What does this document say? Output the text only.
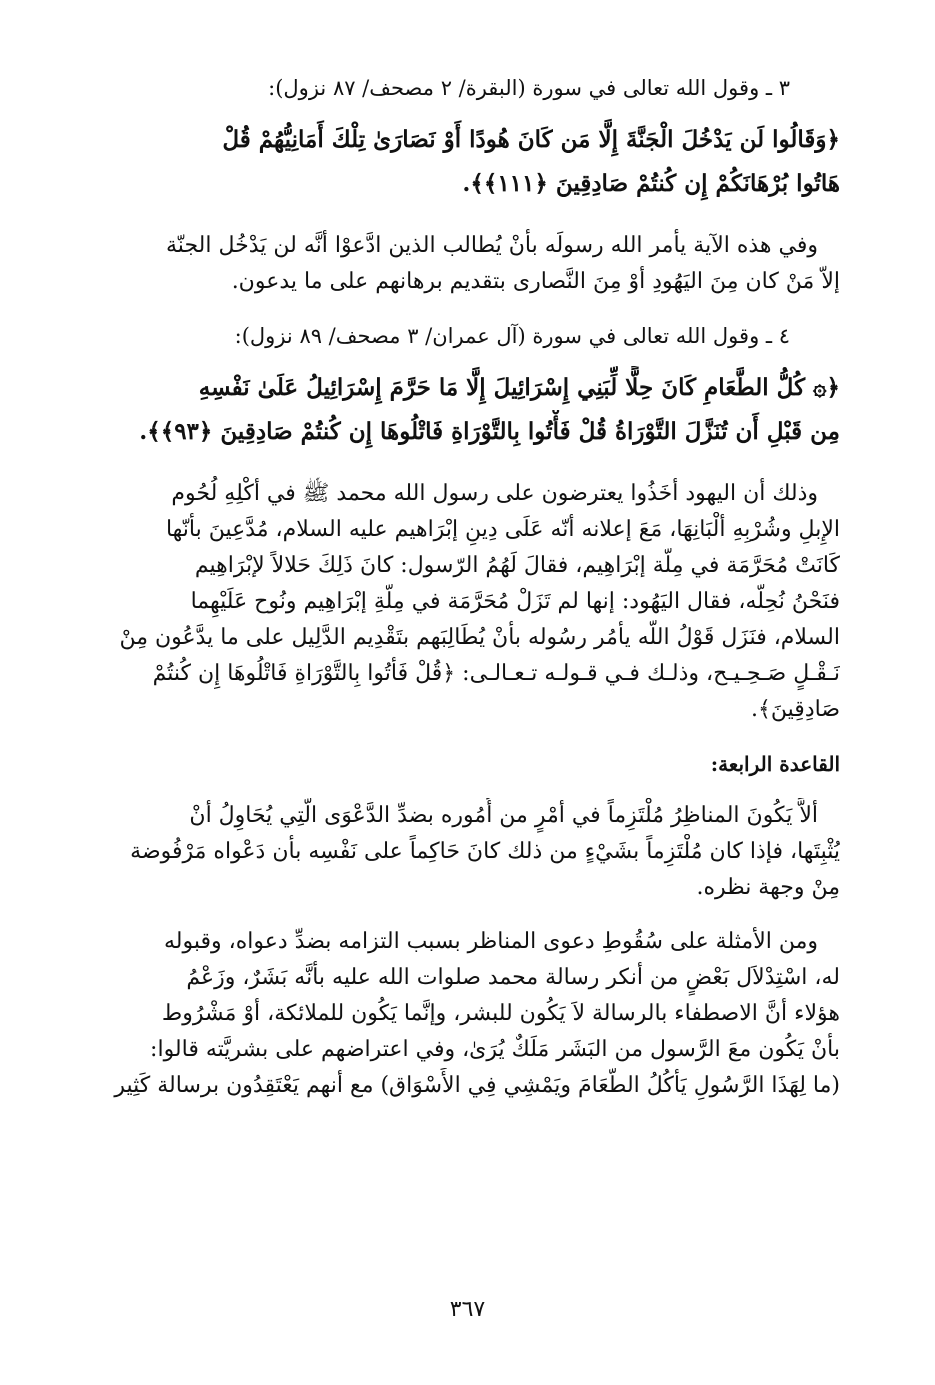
٣ ـ وقول الله تعالى في سورة (البقرة/ ٢ مصحف/ ٨٧ نزول):
﴿وَقَالُوا لَن يَدْخُلَ الْجَنَّةَ إِلَّا مَن كَانَ هُودًا أَوْ نَصَارَىٰ تِلْكَ أَمَانِيُّهُمْ قُلْ
هَاتُوا بُرْهَانَكُمْ إِن كُنتُمْ صَادِقِينَ ﴿١١١﴾﴾.
وفي هذه الآية يأمر الله رسولَه بأنْ يُطالب الذين ادَّعوْا أنَّه لن يَدْخُل الجنّة
إلاّ مَنْ كان مِنَ اليَهُودِ أوْ مِنَ النَّصارى بتقديم برهانهم على ما يدعون.
٤ ـ وقول الله تعالى في سورة (آل عمران/ ٣ مصحف/ ٨٩ نزول):
﴿۞ كُلُّ الطَّعَامِ كَانَ حِلًّا لِّبَنِي إِسْرَائِيلَ إِلَّا مَا حَرَّمَ إِسْرَائِيلُ عَلَىٰ نَفْسِهِ
مِن قَبْلِ أَن تُنَزَّلَ التَّوْرَاةُ قُلْ فَأْتُوا بِالتَّوْرَاةِ فَاتْلُوهَا إِن كُنتُمْ صَادِقِينَ ﴿٩٣﴾﴾.
وذلك أن اليهود أخَذُوا يعترضون على رسول الله محمد ﷺ في أكْلِهِ لُحُوم
الإِبلِ وشُرْبِهِ ألْبَانِهَا، مَعَ إعلانه أنّه عَلَى دِينِ إبْرَاهيم عليه السلام، مُدَّعِينَ بأنّها
كَانَتْ مُحَرَّمَة في مِلَّة إبْرَاهِيم، فقالَ لَهُمُ الرّسول: كانَ ذَلِكَ حَلالاً لإبْرَاهِيم
فنَحْنُ نُحِلُّه، فقال اليَهُود: إنها لم تَزَلْ مُحَرَّمَة في مِلَّةِ إبْرَاهِيم ونُوح عَلَيْهِما
السلام، فنَزَل قَوْلُ اللّه يأمُر رسُوله بأنْ يُطَالِبَهم بتَقْدِيم الدَّلِيل على ما يدَّعُون مِنْ
نَـقْـلٍ صَـحِـيـح، وذلـك فـي قـولـه تـعـالـى: ﴿قُلْ فَأْتُوا بِالتَّوْرَاةِ فَاتْلُوهَا إِن كُنتُمْ
صَادِقِينَ﴾.
القاعدة الرابعة:
ألاَّ يَكُونَ المناظِرُ مُلْتَزِماً في أمْرٍ من أُمُوره بضدِّ الدَّعْوَى الَّتِي يُحَاوِلُ أنْ
يُثْبِتَها، فإذا كان مُلْتَزِماً بشَيْءٍ من ذلك كانَ حَاكِماً على نَفْسِه بأن دَعْواه مَرْفُوضة
مِنْ وجهة نظره.
ومن الأمثلة على سُقُوطِ دعوى المناظر بسبب التزامه بضدِّ دعواه، وقبوله
له، اسْتِدْلاَل بَعْضٍ من أنكر رسالة محمد صلوات الله عليه بأنَّه بَشَرٌ، وزَعْمُ
هؤلاء أنَّ الاصطفاء بالرسالة لاَ يَكُون للبشر، وإنَّما يَكُون للملائكة، أوْ مَشْرُوط
بأنْ يَكُون معَ الرَّسول من البَشَر مَلَكٌ يُرَىٰ، وفي اعتراضهم على بشريَّته قالوا:
(ما لِهَذَا الرَّسُولِ يَأْكُلُ الطَّعَامَ ويَمْشِي فِي الأَسْوَاق) مع أنهم يَعْتَقِدُون برسالة كَثِير
٣٦٧
